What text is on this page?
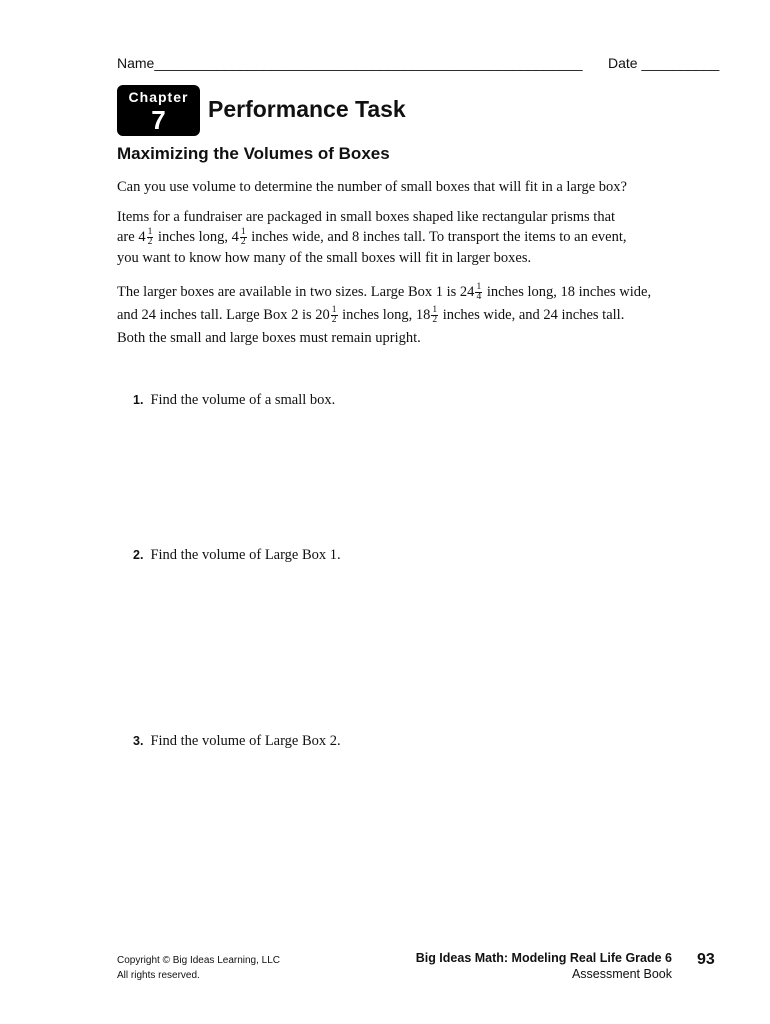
Name_______________________________________________________ Date __________
Chapter
7	Performance Task
Maximizing the Volumes of Boxes
Can you use volume to determine the number of small boxes that will fit in a large box?
Items for a fundraiser are packaged in small boxes shaped like rectangular prisms that
are $4 \frac{1}{2}$ inches long, $4 \frac{1}{2}$ inches wide, and 8 inches tall. To transport the items to an event,
you want to know how many of the small boxes will fit in larger boxes.
The larger boxes are available in two sizes. Large Box 1 is $24 \frac{1}{4}$ inches long, 18 inches wide,
and 24 inches tall. Large Box 2 is $20 \frac{1}{2}$ inches long, $18 \frac{1}{2}$ inches wide, and 24 inches tall.
Both the small and large boxes must remain upright.
1. Find the volume of a small box.
2. Find the volume of Large Box 1.
3. Find the volume of Large Box 2.
Copyright © Big Ideas Learning, LLC
All rights reserved.
Big Ideas Math: Modeling Real Life Grade 6
Assessment Book
93
